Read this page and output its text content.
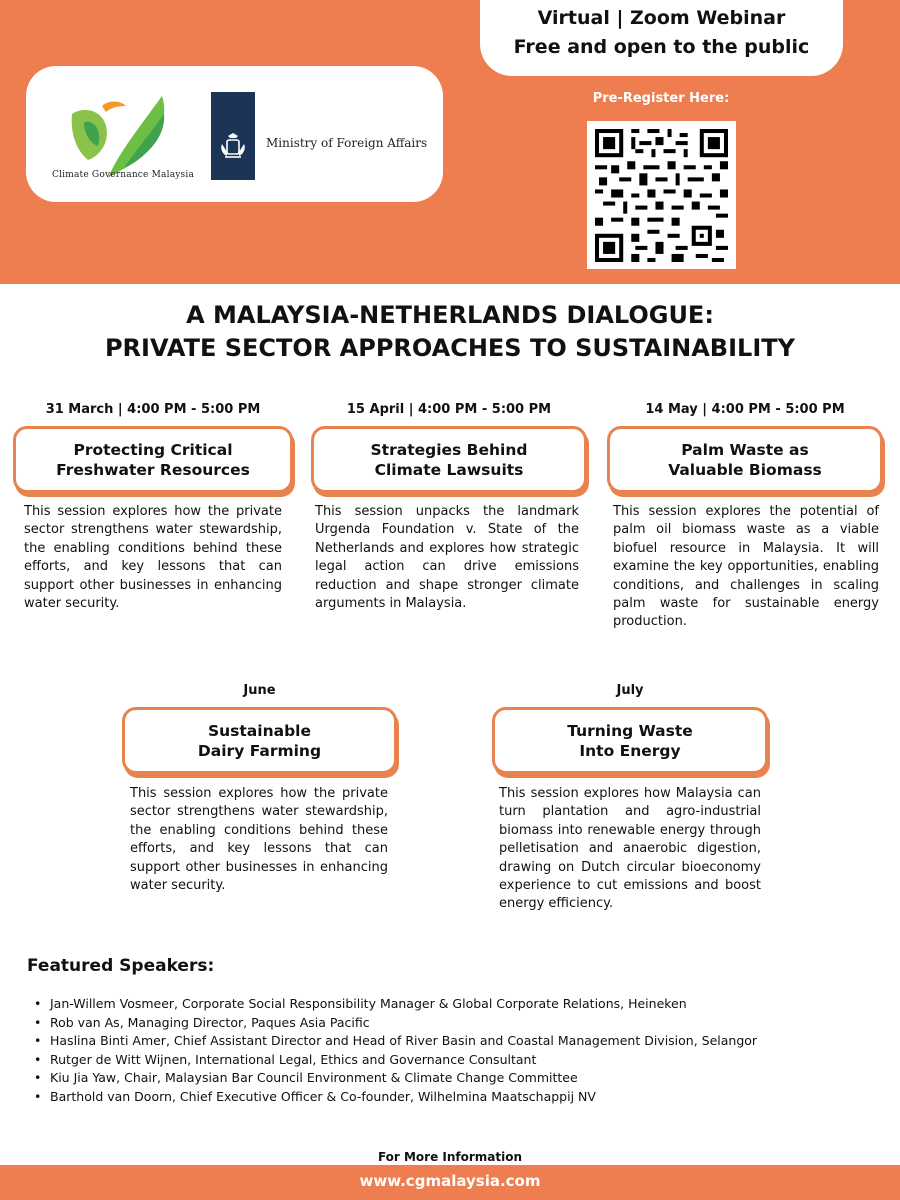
Climate Governance Malaysia
Ministry of Foreign Affairs
Virtual | Zoom Webinar
Free and open to the public
Pre-Register Here:
A MALAYSIA-NETHERLANDS DIALOGUE:
PRIVATE SECTOR APPROACHES TO SUSTAINABILITY
31 March | 4:00 PM - 5:00 PM
Protecting Critical
Freshwater Resources
This session explores how the private sector strengthens water stewardship, the enabling conditions behind these efforts, and key lessons that can support other businesses in enhancing water security.
15 April | 4:00 PM - 5:00 PM
Strategies Behind
Climate Lawsuits
This session unpacks the landmark Urgenda Foundation v. State of the Netherlands and explores how strategic legal action can drive emissions reduction and shape stronger climate arguments in Malaysia.
14 May | 4:00 PM - 5:00 PM
Palm Waste as
Valuable Biomass
This session explores the potential of palm oil biomass waste as a viable biofuel resource in Malaysia. It will examine the key opportunities, enabling conditions, and challenges in scaling palm waste for sustainable energy production.
June
Sustainable
Dairy Farming
This session explores how the private sector strengthens water stewardship, the enabling conditions behind these efforts, and key lessons that can support other businesses in enhancing water security.
July
Turning Waste
Into Energy
This session explores how Malaysia can turn plantation and agro-industrial biomass into renewable energy through pelletisation and anaerobic digestion, drawing on Dutch circular bioeconomy experience to cut emissions and boost energy efficiency.
Featured Speakers:
• Jan-Willem Vosmeer, Corporate Social Responsibility Manager & Global Corporate Relations, Heineken
• Rob van As, Managing Director, Paques Asia Pacific
• Haslina Binti Amer, Chief Assistant Director and Head of River Basin and Coastal Management Division, Selangor
• Rutger de Witt Wijnen, International Legal, Ethics and Governance Consultant
• Kiu Jia Yaw, Chair, Malaysian Bar Council Environment & Climate Change Committee
• Barthold van Doorn, Chief Executive Officer & Co-founder, Wilhelmina Maatschappij NV
For More Information
www.cgmalaysia.com
